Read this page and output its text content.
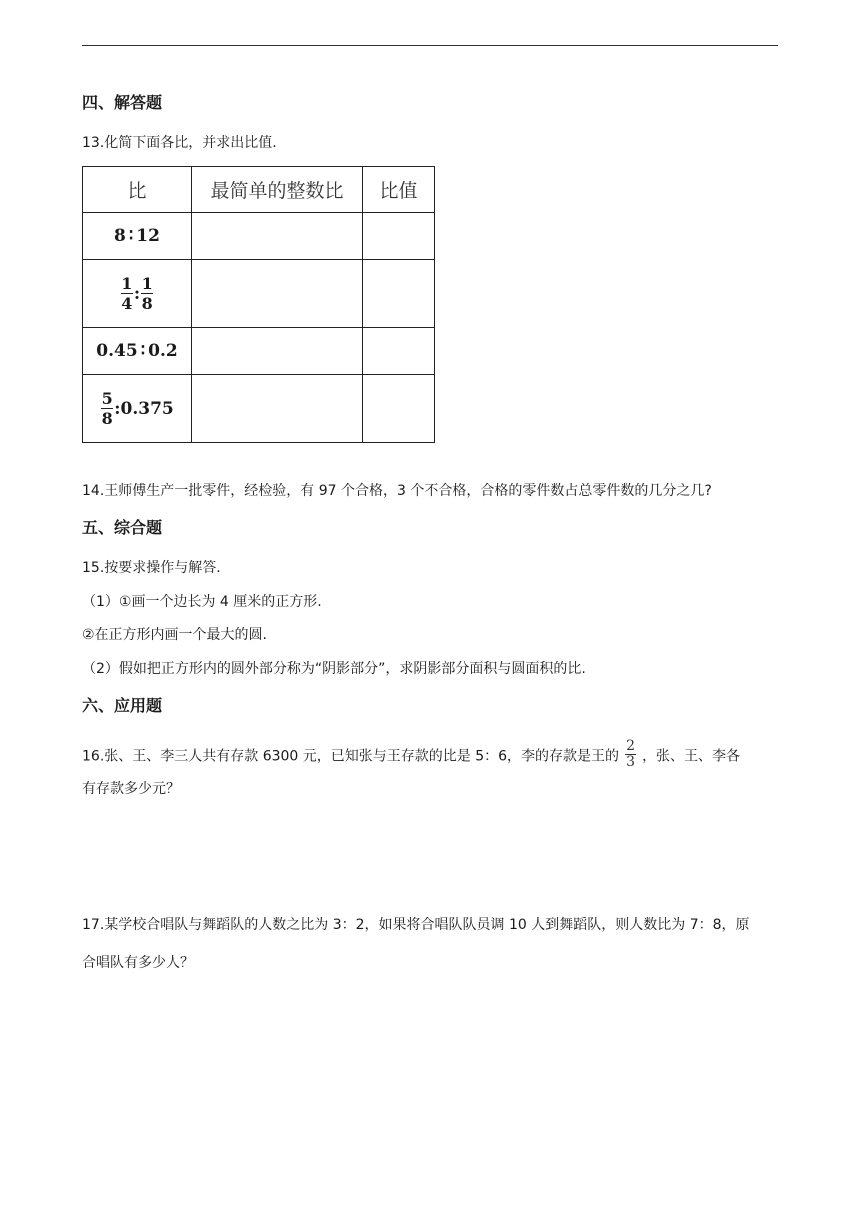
四、解答题
13.化简下面各比，并求出比值.
比	最简单的整数比	比值

8 ∶ 12		

$\frac{1}{4}$ : $\frac{1}{8}$

0.45 ∶ 0.2		

$\frac{5}{8}$ : 0.375		

14.王师傅生产一批零件，经检验，有 97 个合格，3 个不合格，合格的零件数占总零件数的几分之几?
五、综合题
15.按要求操作与解答.
（1）①画一个边长为 4 厘米的正方形.
②在正方形内画一个最大的圆.
（2）假如把正方形内的圆外部分称为“阴影部分”，求阴影部分面积与圆面积的比.
六、应用题
16.张、王、李三人共有存款 6300 元，已知张与王存款的比是 5：6，李的存款是王的 $\frac{2}{3}$ ，张、王、李各
有存款多少元？
17.某学校合唱队与舞蹈队的人数之比为 3：2，如果将合唱队队员调 10 人到舞蹈队，则人数比为 7：8，原
合唱队有多少人？
